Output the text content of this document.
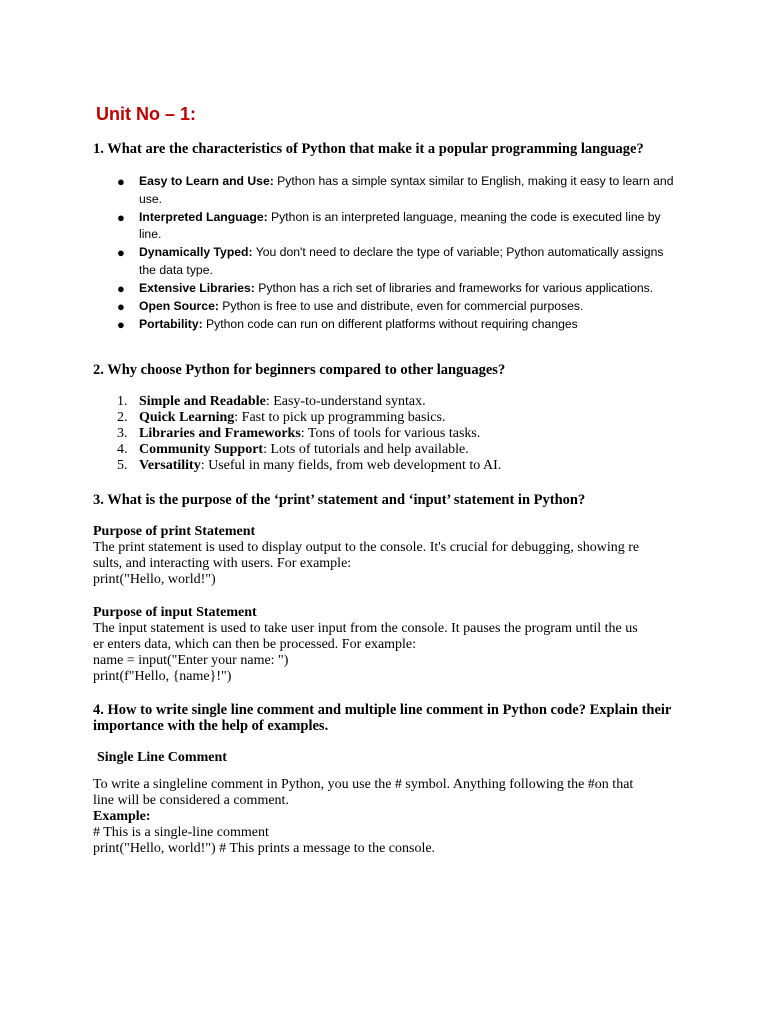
Unit No – 1:

1. What are the characteristics of Python that make it a popular programming language?

● Easy to Learn and Use: Python has a simple syntax similar to English, making it easy to learn and use.
● Interpreted Language: Python is an interpreted language, meaning the code is executed line by line.
● Dynamically Typed: You don't need to declare the type of variable; Python automatically assigns the data type.
● Extensive Libraries: Python has a rich set of libraries and frameworks for various applications.
● Open Source: Python is free to use and distribute, even for commercial purposes.
● Portability: Python code can run on different platforms without requiring changes

2. Why choose Python for beginners compared to other languages?

1. Simple and Readable: Easy-to-understand syntax.
2. Quick Learning: Fast to pick up programming basics.
3. Libraries and Frameworks: Tons of tools for various tasks.
4. Community Support: Lots of tutorials and help available.
5. Versatility: Useful in many fields, from web development to AI.

3. What is the purpose of the ‘print’ statement and ‘input’ statement in Python?

Purpose of print Statement

The print statement is used to display output to the console. It's crucial for debugging, showing re

sults, and interacting with users. For example:

print("Hello, world!")

Purpose of input Statement

The input statement is used to take user input from the console. It pauses the program until the us

er enters data, which can then be processed. For example:

name = input("Enter your name: ")

print(f"Hello, {name}!")

4. How to write single line comment and multiple line comment in Python code? Explain their importance with the help of examples.

Single Line Comment

To write a singleline comment in Python, you use the # symbol. Anything following the #on that

line will be considered a comment.

Example:

# This is a single-line comment

print("Hello, world!") # This prints a message to the console.
